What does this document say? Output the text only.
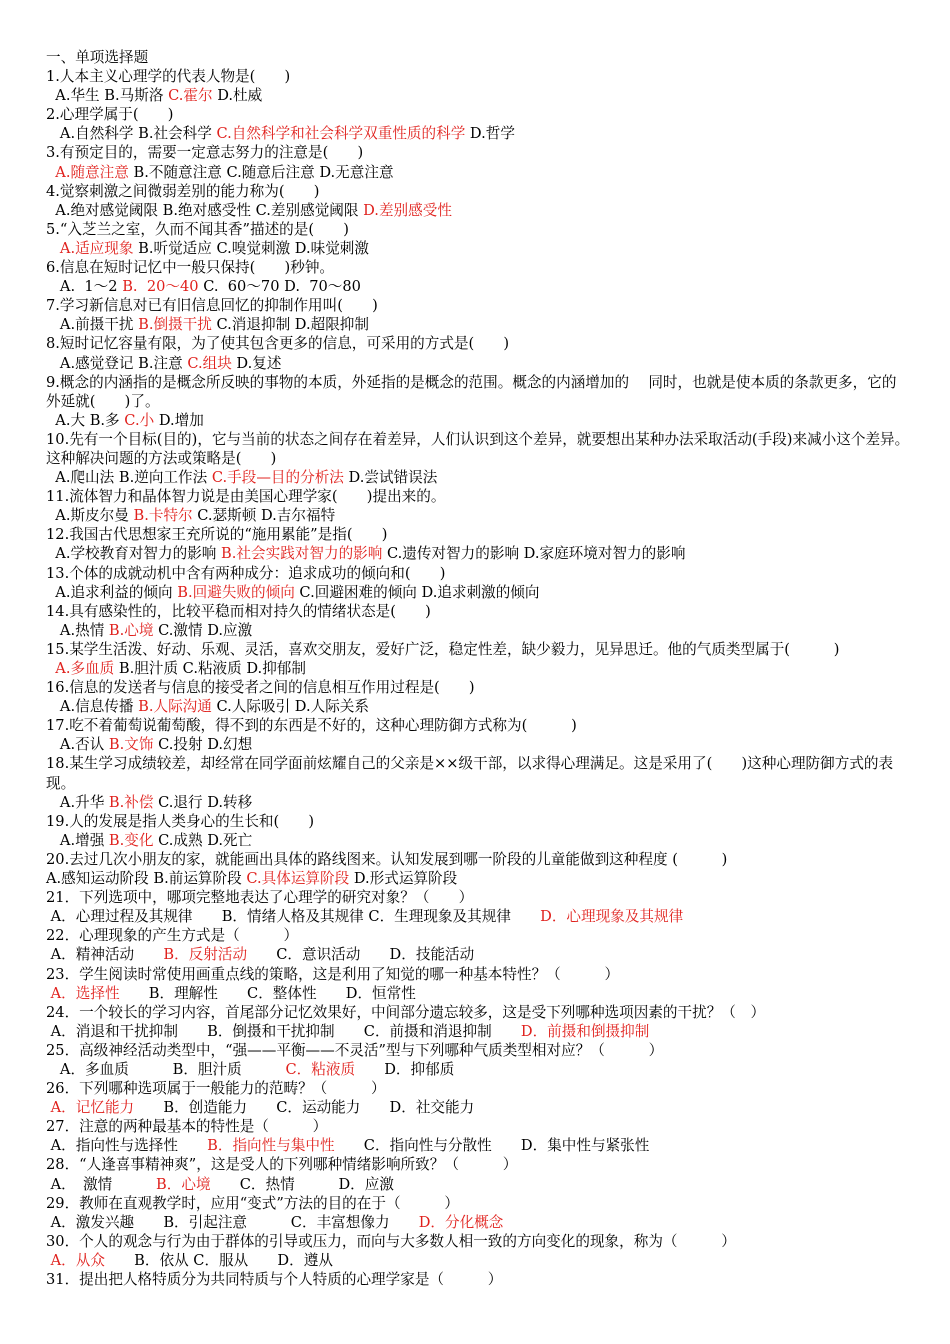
一、单项选择题
1.人本主义心理学的代表人物是(　　)
A.华生 B.马斯洛 C.霍尔 D.杜威
2.心理学属于(　　)
A.自然科学 B.社会科学 C.自然科学和社会科学双重性质的科学 D.哲学
3.有预定目的，需要一定意志努力的注意是(　　)
A.随意注意 B.不随意注意 C.随意后注意 D.无意注意
4.觉察刺激之间微弱差别的能力称为(　　)
A.绝对感觉阈限 B.绝对感受性 C.差别感觉阈限 D.差别感受性
5.“入芝兰之室，久而不闻其香”描述的是(　　)
A.适应现象 B.听觉适应 C.嗅觉刺激 D.味觉刺激
6.信息在短时记忆中一般只保持(　　)秒钟。
A.  1～2 B.  20～40 C.  60～70 D.  70～80
7.学习新信息对已有旧信息回忆的抑制作用叫(　　)
A.前摄干扰 B.倒摄干扰 C.消退抑制 D.超限抑制
8.短时记忆容量有限，为了使其包含更多的信息，可采用的方式是(　　)
A.感觉登记 B.注意 C.组块 D.复述
9.概念的内涵指的是概念所反映的事物的本质，外延指的是概念的范围。概念的内涵增加的　 同时，也就是使本质的条款更多，它的外延就(　　)了。
A.大 B.多 C.小 D.增加
10.先有一个目标(目的)，它与当前的状态之间存在着差异，人们认识到这个差异，就要想出某种办法采取活动(手段)来减小这个差异。这种解决问题的方法或策略是(　　)
A.爬山法 B.逆向工作法 C.手段—目的分析法 D.尝试错误法
11.流体智力和晶体智力说是由美国心理学家(　　)提出来的。
A.斯皮尔曼 B.卡特尔 C.瑟斯顿 D.吉尔福特
12.我国古代思想家王充所说的“施用累能”是指(　　)
A.学校教育对智力的影响 B.社会实践对智力的影响 C.遗传对智力的影响 D.家庭环境对智力的影响
13.个体的成就动机中含有两种成分：追求成功的倾向和(　　)
A.追求利益的倾向 B.回避失败的倾向 C.回避困难的倾向 D.追求刺激的倾向
14.具有感染性的，比较平稳而相对持久的情绪状态是(　　)
A.热情 B.心境 C.激情 D.应激
15.某学生活泼、好动、乐观、灵活，喜欢交朋友，爱好广泛，稳定性差，缺少毅力，见异思迁。他的气质类型属于(　　　)
A.多血质 B.胆汁质 C.粘液质 D.抑郁制
16.信息的发送者与信息的接受者之间的信息相互作用过程是(　　)
A.信息传播 B.人际沟通 C.人际吸引 D.人际关系
17.吃不着葡萄说葡萄酸，得不到的东西是不好的，这种心理防御方式称为(　　　)
A.否认 B.文饰 C.投射 D.幻想
18.某生学习成绩较差，却经常在同学面前炫耀自己的父亲是××级干部，以求得心理满足。这是采用了(　　)这种心理防御方式的表现。
A.升华 B.补偿 C.退行 D.转移
19.人的发展是指人类身心的生长和(　　)
A.增强 B.变化 C.成熟 D.死亡
20.去过几次小朋友的家，就能画出具体的路线图来。认知发展到哪一阶段的儿童能做到这种程度 (　　　)
A.感知运动阶段 B.前运算阶段 C.具体运算阶段 D.形式运算阶段
21．下列选项中，哪项完整地表达了心理学的研究对象？（　　）
A．心理过程及其规律　　B．情绪人格及其规律 C．生理现象及其规律　　D．心理现象及其规律
22．心理现象的产生方式是（　　　）
A．精神活动　　B．反射活动　　C．意识活动　　D．技能活动
23．学生阅读时常使用画重点线的策略，这是利用了知觉的哪一种基本特性？（　　　）
A．选择性　　B．理解性　　C．整体性　　D．恒常性
24．一个较长的学习内容，首尾部分记忆效果好，中间部分遗忘较多，这是受下列哪种选项因素的干扰？（　）
A．消退和干扰抑制　　B．倒摄和干扰抑制　　C．前摄和消退抑制　　D．前摄和倒摄抑制
25．高级神经活动类型中，“强——平衡——不灵活”型与下列哪种气质类型相对应？（　　　）
A．多血质　　　B．胆汁质　　　C．粘液质　　D．抑郁质
26．下列哪种选项属于一般能力的范畴？（　　　）
A．记忆能力　　B．创造能力　　C．运动能力　　D．社交能力
27．注意的两种最基本的特性是（　　　）
A．指向性与选择性　　B．指向性与集中性　　C．指向性与分散性　　D．集中性与紧张性
28．“人逢喜事精神爽”，这是受人的下列哪种情绪影响所致？（　　　）
A．　激情　　　B．心境　　C．热情　　　D．应激
29．教师在直观教学时，应用“变式”方法的目的在于（　　　）
A．激发兴趣　　B．引起注意　　　C．丰富想像力　　D．分化概念
30．个人的观念与行为由于群体的引导或压力，而向与大多数人相一致的方向变化的现象，称为（　　　）
A．从众　　B．依从 C．服从　　D．遵从
31．提出把人格特质分为共同特质与个人特质的心理学家是（　　　）
